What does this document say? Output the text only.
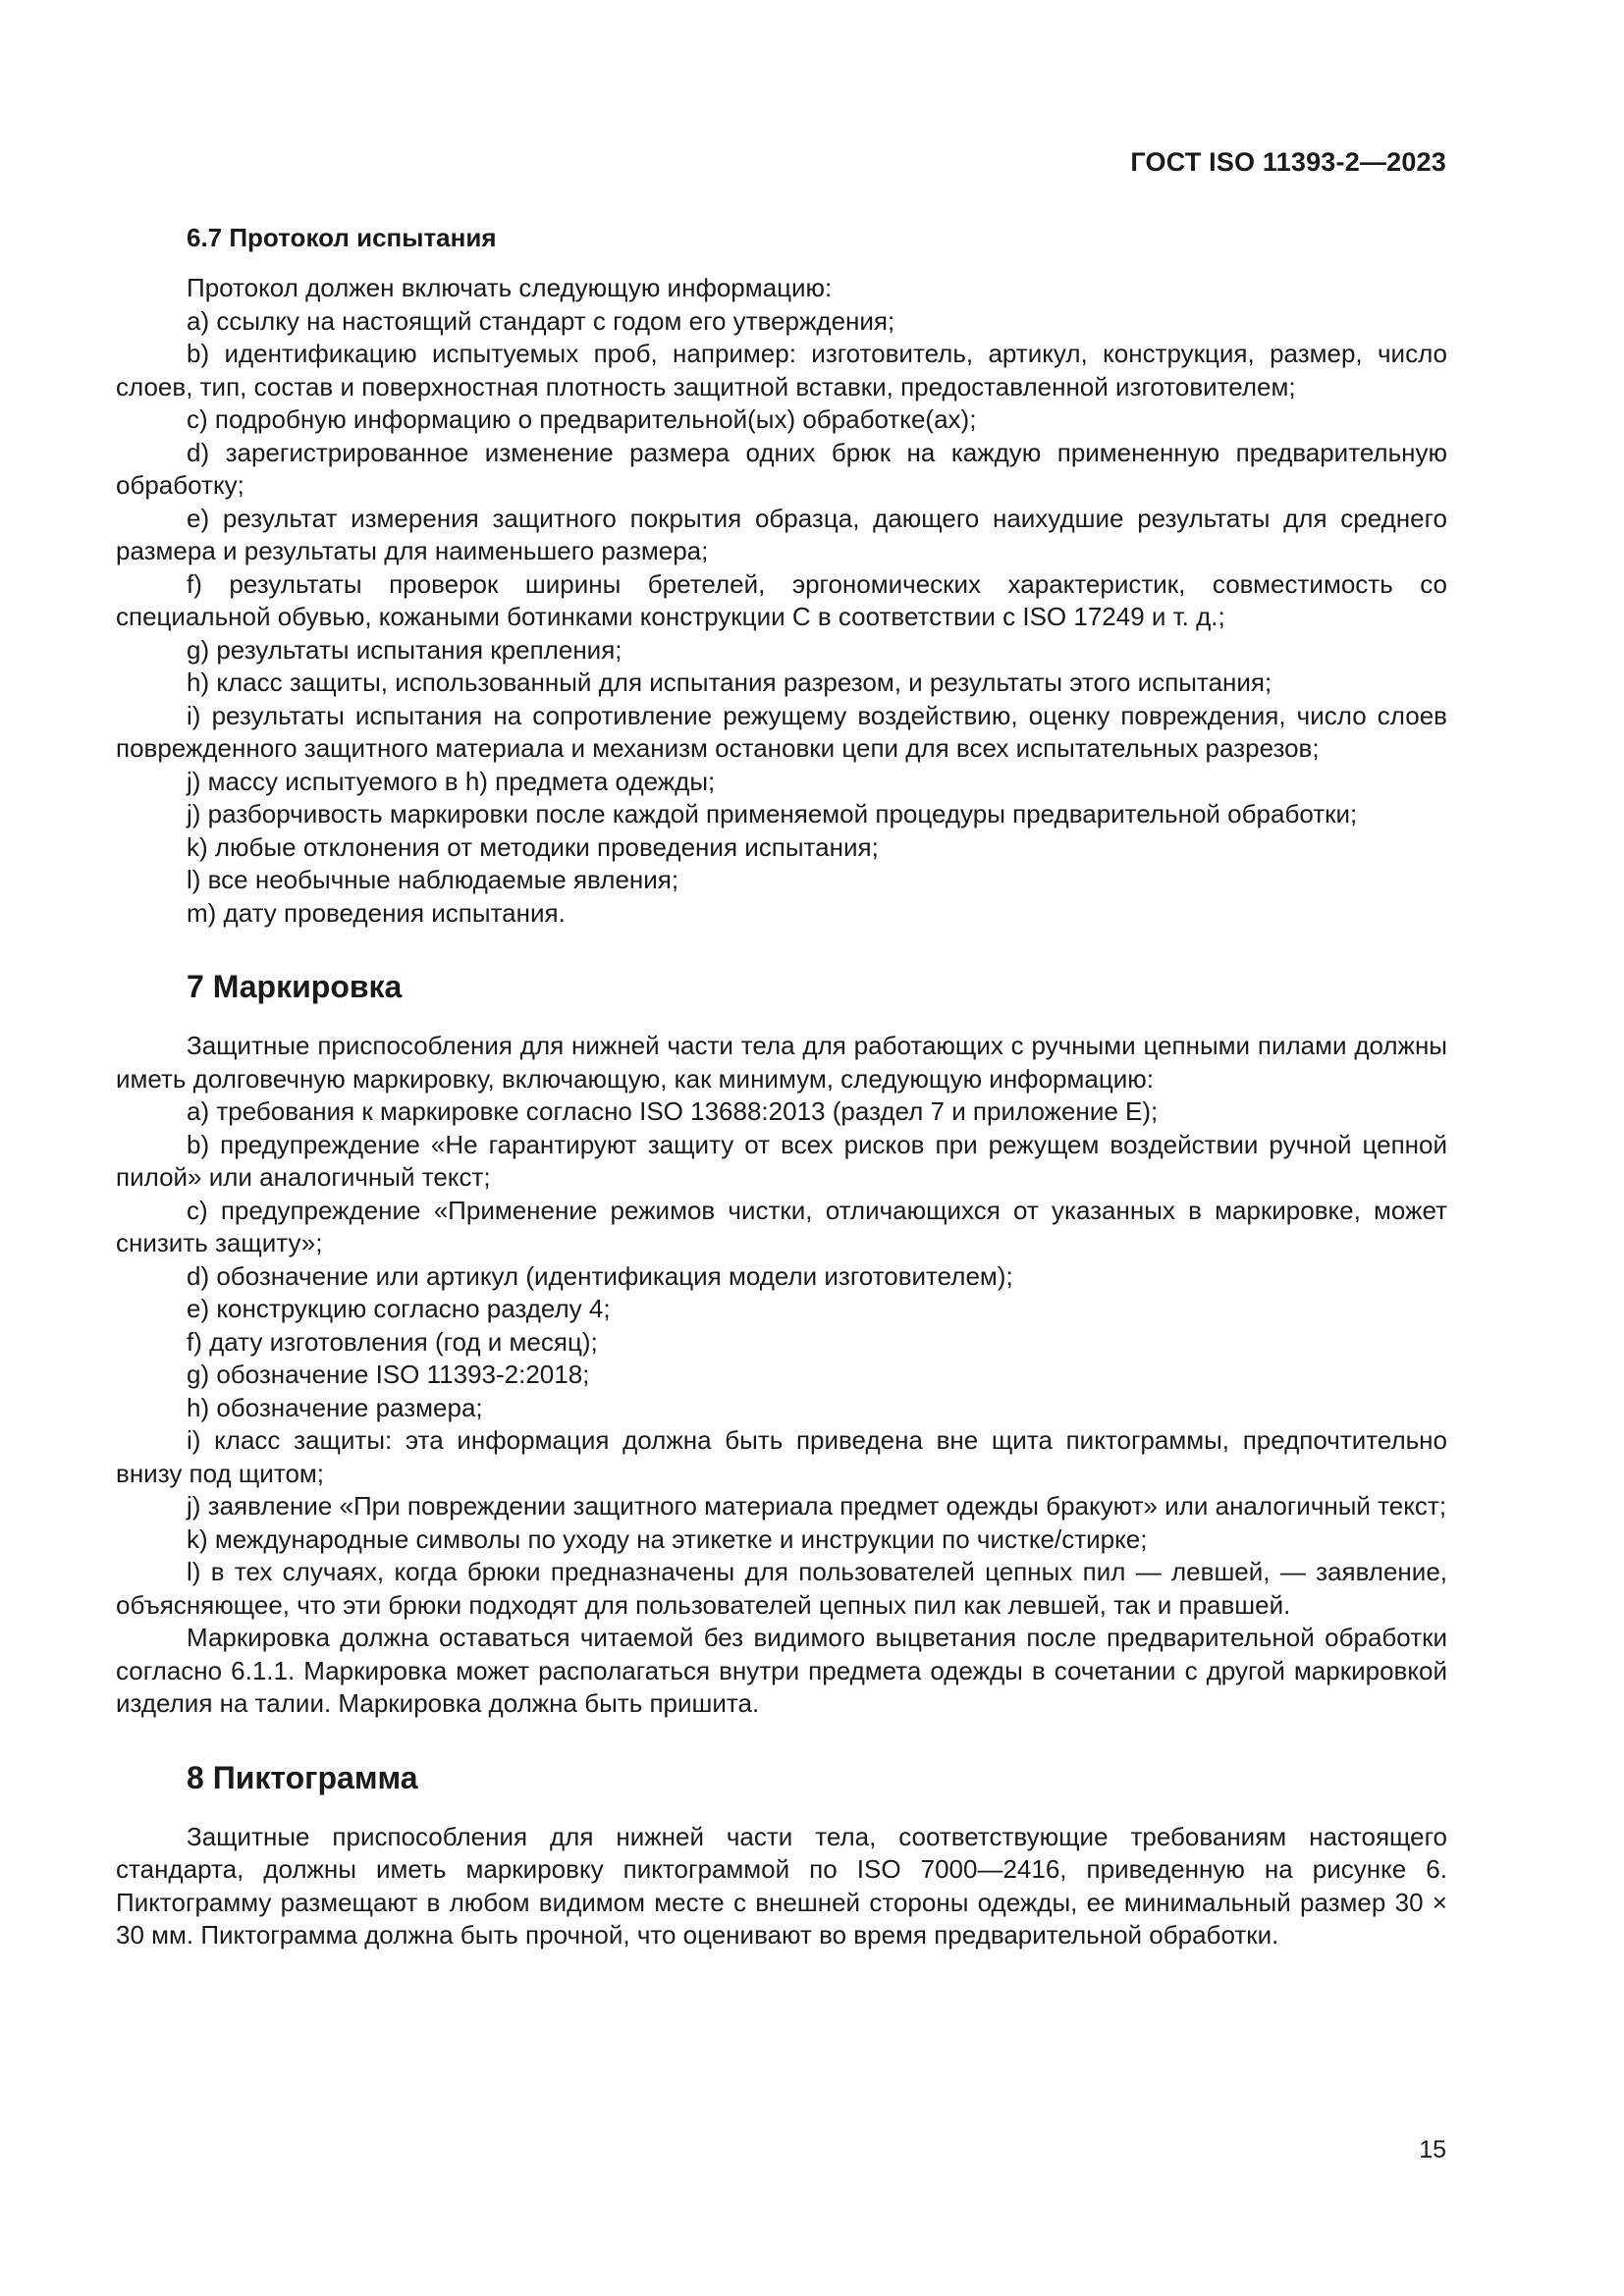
ГОСТ ISO 11393-2—2023
6.7 Протокол испытания

Протокол должен включать следующую информацию:

a) ссылку на настоящий стандарт с годом его утверждения;

b) идентификацию испытуемых проб, например: изготовитель, артикул, конструкция, размер, число слоев, тип, состав и поверхностная плотность защитной вставки, предоставленной изготовителем;

c) подробную информацию о предварительной(ых) обработке(ах);

d) зарегистрированное изменение размера одних брюк на каждую примененную предварительную обработку;

e) результат измерения защитного покрытия образца, дающего наихудшие результаты для среднего размера и результаты для наименьшего размера;

f) результаты проверок ширины бретелей, эргономических характеристик, совместимость со специальной обувью, кожаными ботинками конструкции C в соответствии с ISO 17249 и т. д.;

g) результаты испытания крепления;

h) класс защиты, использованный для испытания разрезом, и результаты этого испытания;

i) результаты испытания на сопротивление режущему воздействию, оценку повреждения, число слоев поврежденного защитного материала и механизм остановки цепи для всех испытательных разрезов;

j) массу испытуемого в h) предмета одежды;

j) разборчивость маркировки после каждой применяемой процедуры предварительной обработки;

k) любые отклонения от методики проведения испытания;

l) все необычные наблюдаемые явления;

m) дату проведения испытания.

7 Маркировка

Защитные приспособления для нижней части тела для работающих с ручными цепными пилами должны иметь долговечную маркировку, включающую, как минимум, следующую информацию:

a) требования к маркировке согласно ISO 13688:2013 (раздел 7 и приложение E);

b) предупреждение «Не гарантируют защиту от всех рисков при режущем воздействии ручной цепной пилой» или аналогичный текст;

c) предупреждение «Применение режимов чистки, отличающихся от указанных в маркировке, может снизить защиту»;

d) обозначение или артикул (идентификация модели изготовителем);

e) конструкцию согласно разделу 4;

f) дату изготовления (год и месяц);

g) обозначение ISO 11393-2:2018;

h) обозначение размера;

i) класс защиты: эта информация должна быть приведена вне щита пиктограммы, предпочтительно внизу под щитом;

j) заявление «При повреждении защитного материала предмет одежды бракуют» или аналогичный текст;

k) международные символы по уходу на этикетке и инструкции по чистке/стирке;

l) в тех случаях, когда брюки предназначены для пользователей цепных пил — левшей, — заявление, объясняющее, что эти брюки подходят для пользователей цепных пил как левшей, так и правшей.

Маркировка должна оставаться читаемой без видимого выцветания после предварительной обработки согласно 6.1.1. Маркировка может располагаться внутри предмета одежды в сочетании с другой маркировкой изделия на талии. Маркировка должна быть пришита.

8 Пиктограмма

Защитные приспособления для нижней части тела, соответствующие требованиям настоящего стандарта, должны иметь маркировку пиктограммой по ISO 7000—2416, приведенную на рисунке 6. Пиктограмму размещают в любом видимом месте с внешней стороны одежды, ее минимальный размер 30 × 30 мм. Пиктограмма должна быть прочной, что оценивают во время предварительной обработки.

15
